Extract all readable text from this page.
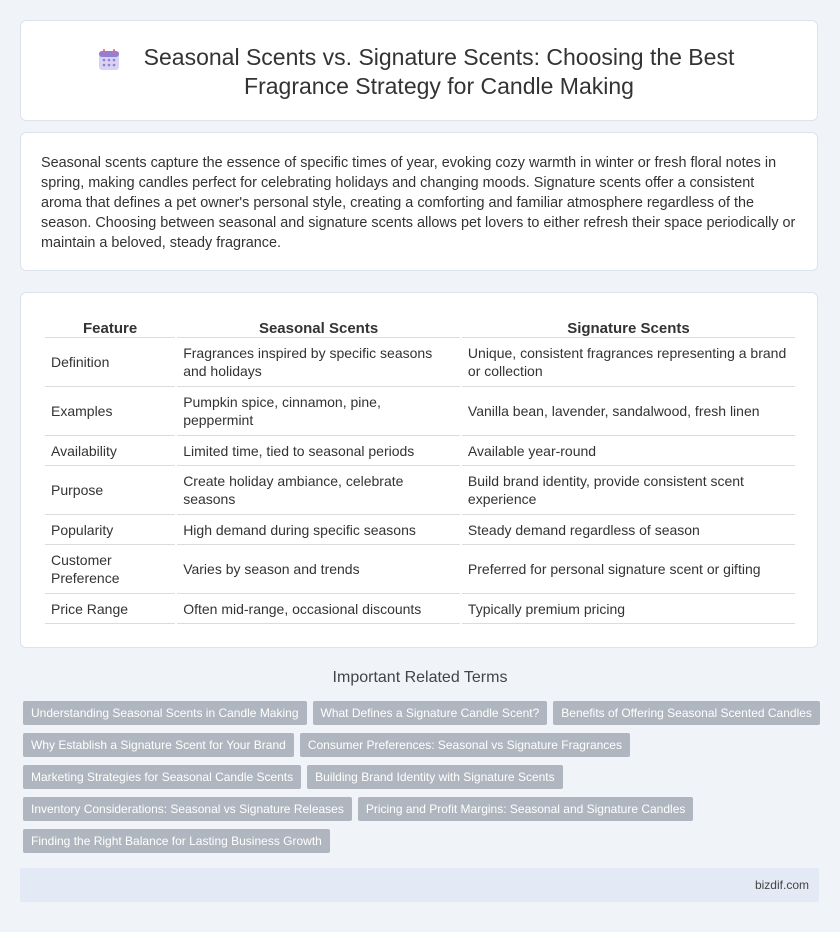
Seasonal Scents vs. Signature Scents: Choosing the Best Fragrance Strategy for Candle Making

Seasonal scents capture the essence of specific times of year, evoking cozy warmth in winter or fresh floral notes in spring, making candles perfect for celebrating holidays and changing moods. Signature scents offer a consistent aroma that defines a pet owner's personal style, creating a comforting and familiar atmosphere regardless of the season. Choosing between seasonal and signature scents allows pet lovers to either refresh their space periodically or maintain a beloved, steady fragrance.

Feature	Seasonal Scents	Signature Scents
Definition	Fragrances inspired by specific seasons and holidays	Unique, consistent fragrances representing a brand or collection
Examples	Pumpkin spice, cinnamon, pine, peppermint	Vanilla bean, lavender, sandalwood, fresh linen
Availability	Limited time, tied to seasonal periods	Available year-round
Purpose	Create holiday ambiance, celebrate seasons	Build brand identity, provide consistent scent experience
Popularity	High demand during specific seasons	Steady demand regardless of season
Customer Preference	Varies by season and trends	Preferred for personal signature scent or gifting
Price Range	Often mid-range, occasional discounts	Typically premium pricing
Important Related Terms
Understanding Seasonal Scents in Candle Making What Defines a Signature Candle Scent? Benefits of Offering Seasonal Scented Candles
Why Establish a Signature Scent for Your Brand Consumer Preferences: Seasonal vs Signature Fragrances
Marketing Strategies for Seasonal Candle Scents Building Brand Identity with Signature Scents
Inventory Considerations: Seasonal vs Signature Releases Pricing and Profit Margins: Seasonal and Signature Candles
Finding the Right Balance for Lasting Business Growth
bizdif.com
